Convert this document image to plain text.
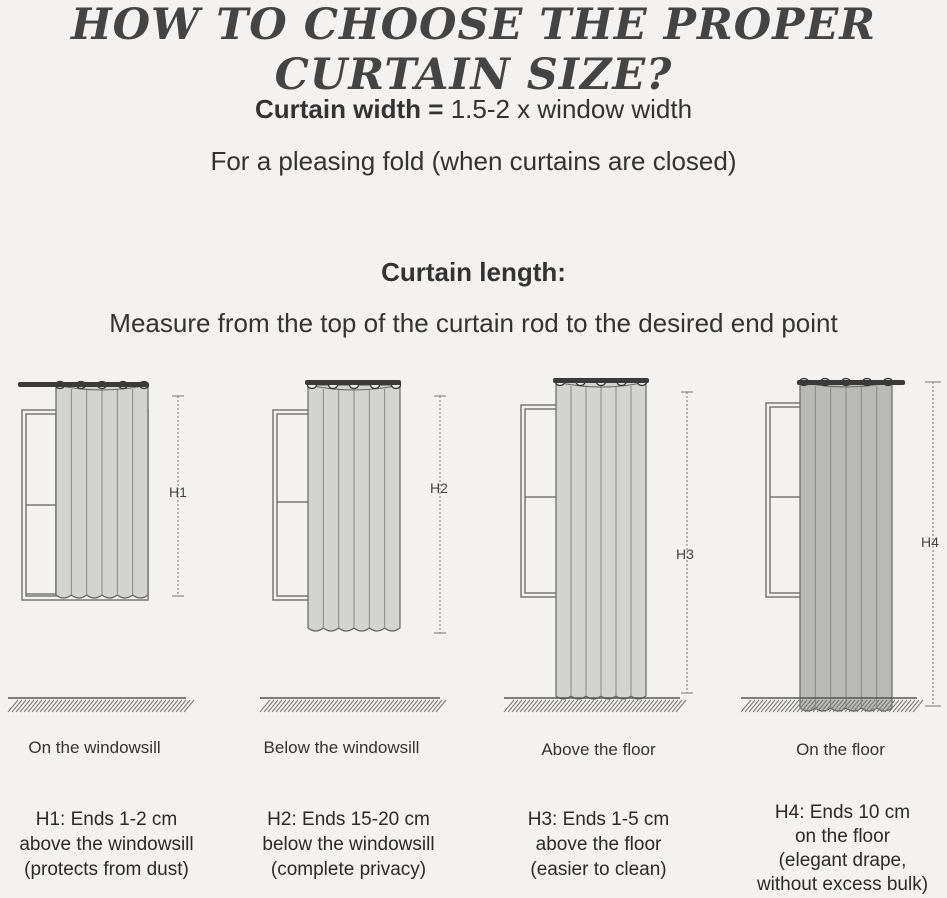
HOW TO CHOOSE THE PROPER CURTAIN SIZE?
Curtain width = 1.5-2 x window width
For a pleasing fold (when curtains are closed)
Curtain length:
Measure from the top of the curtain rod to the desired end point
H1
On the windowsill
H1: Ends 1-2 cm
above the windowsill
(protects from dust)
H2
Below the windowsill
H2: Ends 15-20 cm
below the windowsill
(complete privacy)
H3
Above the floor
H3: Ends 1-5 cm
above the floor
(easier to clean)
H4
On the floor
H4: Ends 10 cm
on the floor
(elegant drape,
without excess bulk)
